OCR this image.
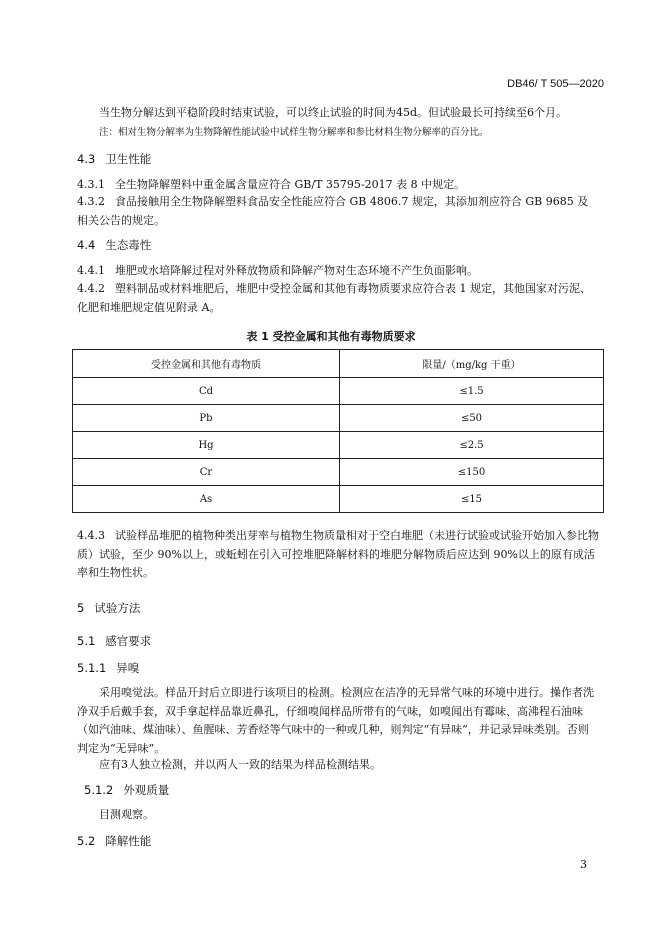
DB46/ T 505—2020
当生物分解达到平稳阶段时结束试验，可以终止试验的时间为45d。但试验最长可持续至6个月。
注：相对生物分解率为生物降解性能试验中试样生物分解率和参比材料生物分解率的百分比。
4.3 卫生性能
4.3.1 全生物降解塑料中重金属含量应符合 GB/T 35795-2017 表 8 中规定。
4.3.2 食品接触用全生物降解塑料食品安全性能应符合 GB 4806.7 规定，其添加剂应符合 GB 9685 及相关公告的规定。
4.4 生态毒性
4.4.1 堆肥或水培降解过程对外释放物质和降解产物对生态环境不产生负面影响。
4.4.2 塑料制品或材料堆肥后，堆肥中受控金属和其他有毒物质要求应符合表 1 规定，其他国家对污泥、化肥和堆肥规定值见附录 A。
表 1 受控金属和其他有毒物质要求
受控金属和其他有毒物质	限量/（mg/kg 干重）
Cd	≤1.5
Pb	≤50
Hg	≤2.5
Cr	≤150
As	≤15
4.4.3 试验样品堆肥的植物种类出芽率与植物生物质量相对于空白堆肥（未进行试验或试验开始加入参比物质）试验，至少 90%以上，或蚯蚓在引入可控堆肥降解材料的堆肥分解物质后应达到 90%以上的原有成活率和生物性状。
5 试验方法
5.1 感官要求
5.1.1 异嗅
采用嗅觉法。样品开封后立即进行该项目的检测。检测应在洁净的无异常气味的环境中进行。操作者洗净双手后戴手套，双手拿起样品靠近鼻孔，仔细嗅闻样品所带有的气味，如嗅闻出有霉味、高沸程石油味（如汽油味、煤油味）、鱼腥味、芳香烃等气味中的一种或几种，则判定“有异味”，并记录异味类别。否则判定为“无异味”。
应有3人独立检测，并以两人一致的结果为样品检测结果。
5.1.2 外观质量
目测观察。
5.2 降解性能
3
